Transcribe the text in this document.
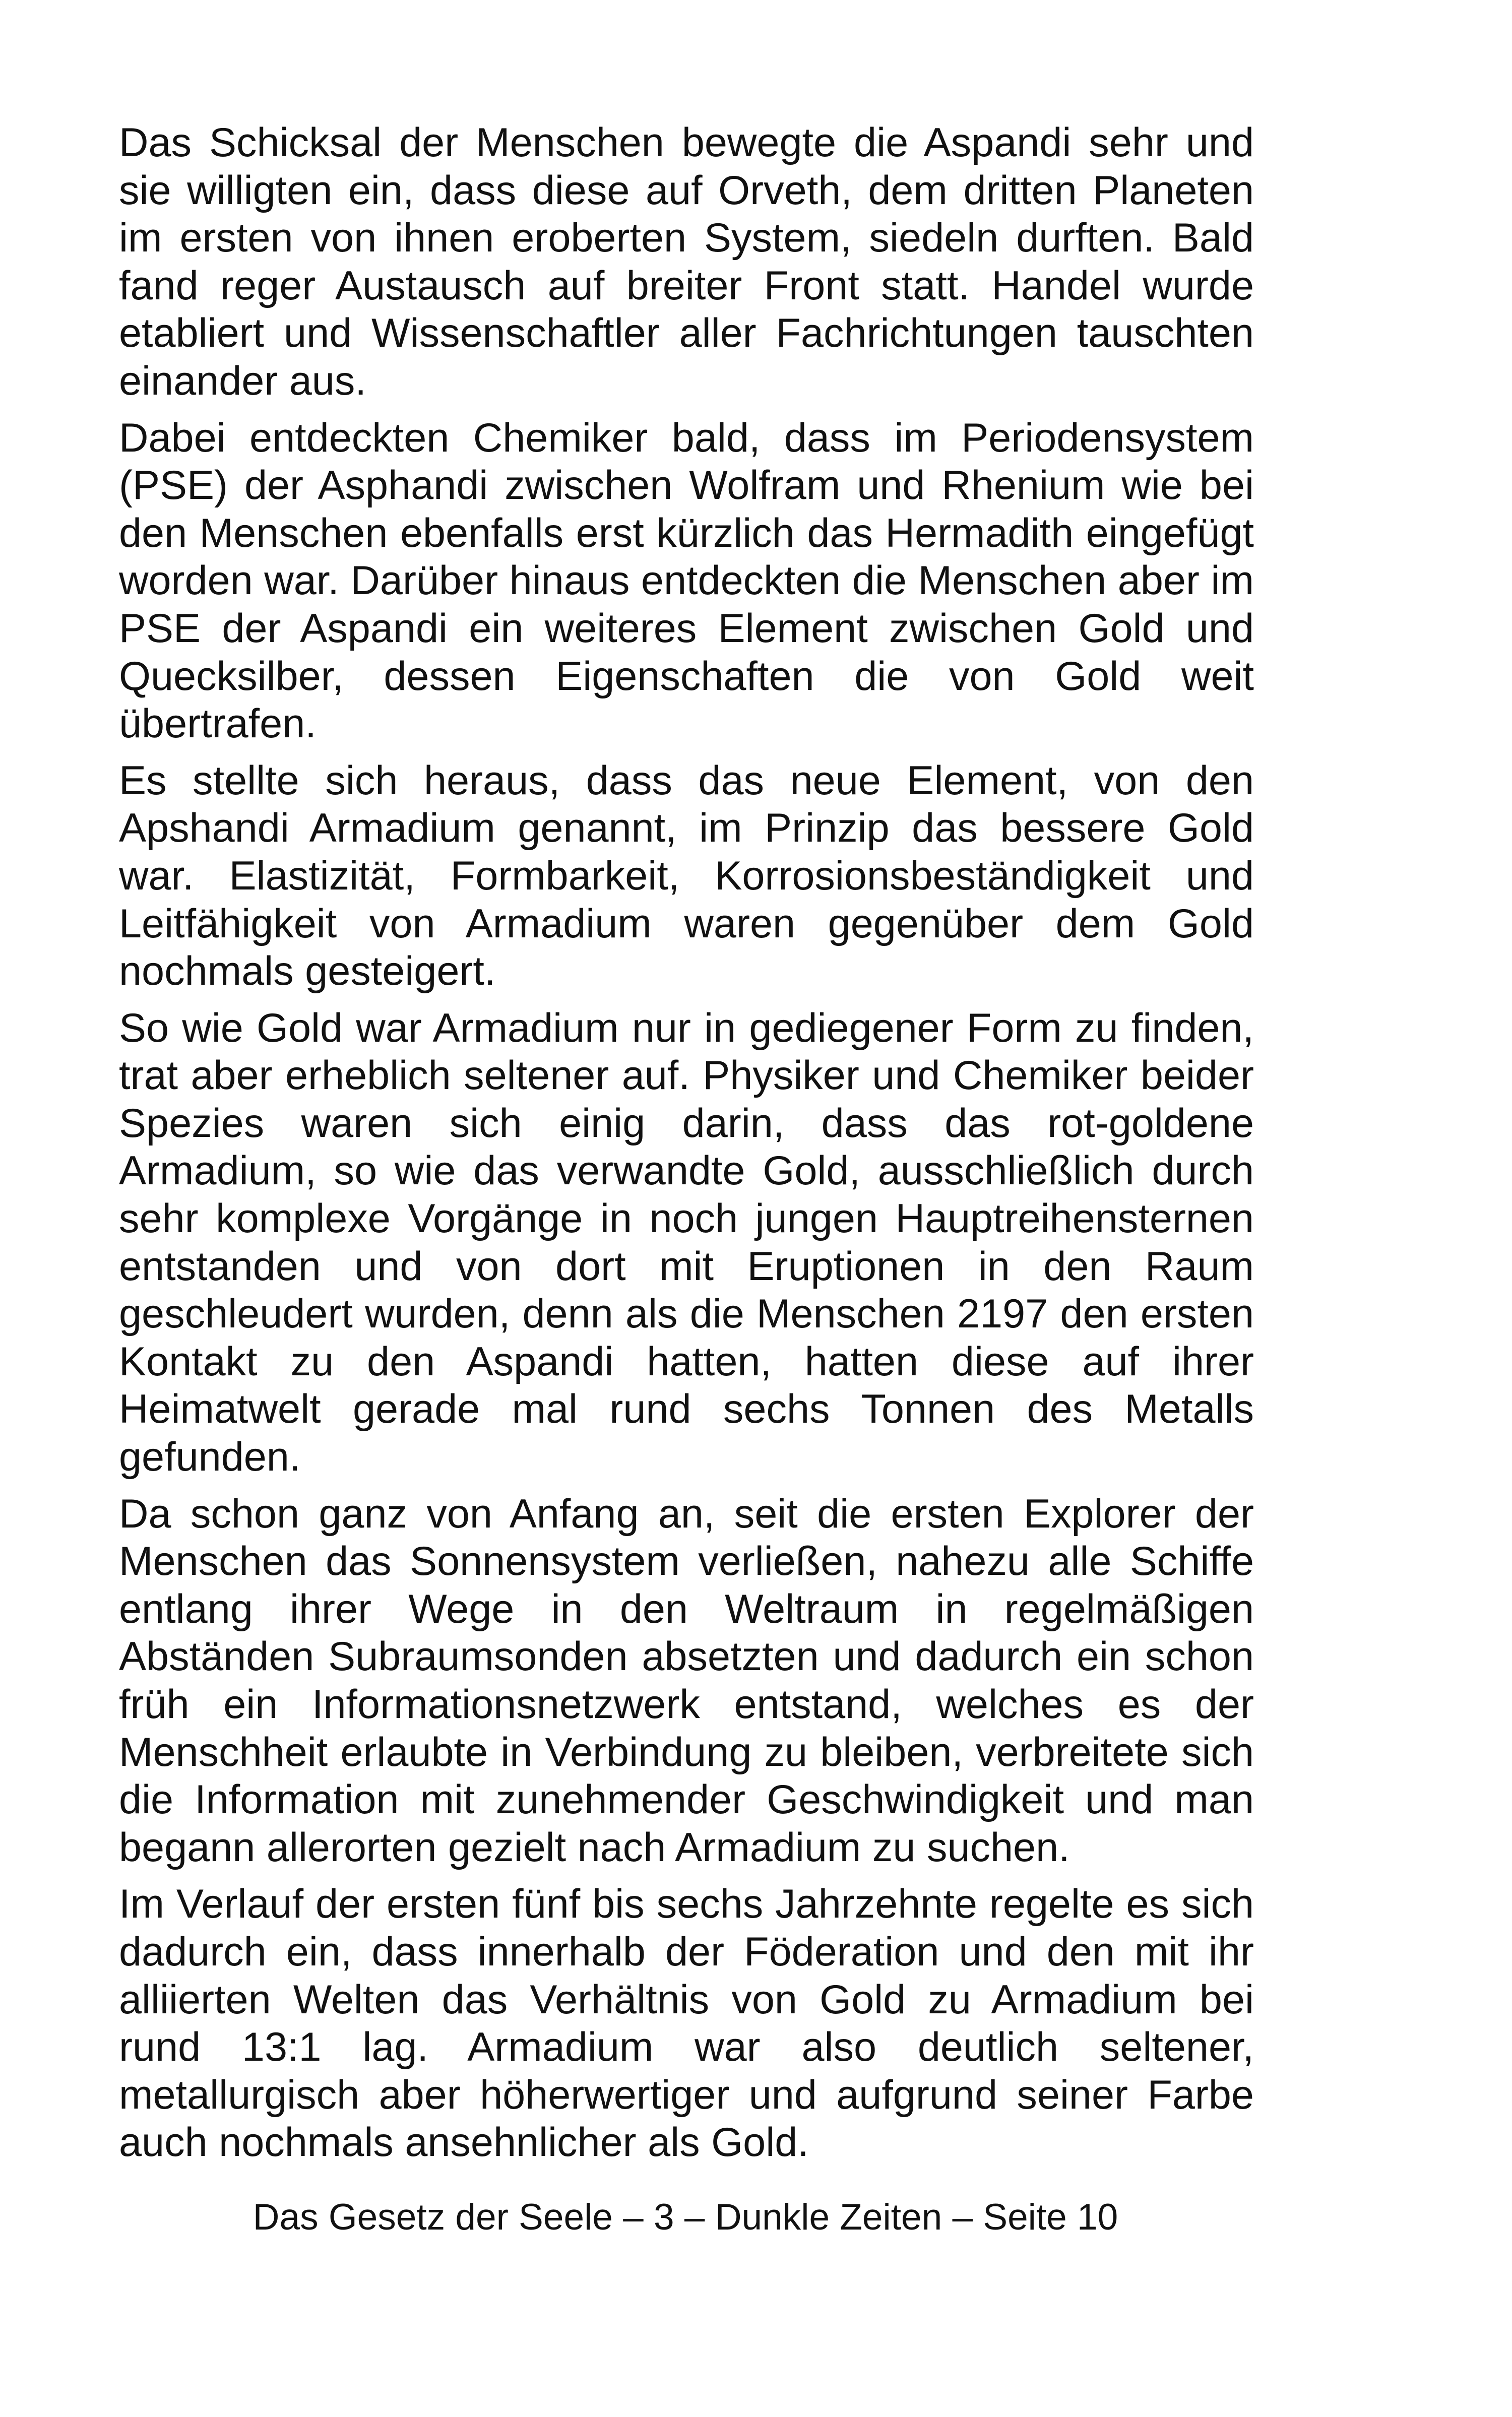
Das Schicksal der Menschen bewegte die Aspandi sehr und sie willigten ein, dass diese auf Orveth, dem dritten Planeten im ersten von ihnen eroberten System, siedeln durften. Bald fand reger Austausch auf breiter Front statt. Handel wurde etabliert und Wissenschaftler aller Fachrichtungen tauschten einander aus.

Dabei entdeckten Chemiker bald, dass im Periodensystem (PSE) der Asphandi zwischen Wolfram und Rhenium wie bei den Menschen ebenfalls erst kürzlich das Hermadith eingefügt worden war. Darüber hinaus entdeckten die Menschen aber im PSE der Aspandi ein weiteres Element zwischen Gold und Quecksilber, dessen Eigenschaften die von Gold weit übertrafen.

Es stellte sich heraus, dass das neue Element, von den Apshandi Armadium genannt, im Prinzip das bessere Gold war. Elastizität, Formbarkeit, Korrosionsbeständigkeit und Leitfähigkeit von Armadium waren gegenüber dem Gold nochmals gesteigert.

So wie Gold war Armadium nur in gediegener Form zu finden, trat aber erheblich seltener auf. Physiker und Chemiker beider Spezies waren sich einig darin, dass das rot-goldene Armadium, so wie das verwandte Gold, ausschließlich durch sehr komplexe Vorgänge in noch jungen Hauptreihensternen entstanden und von dort mit Eruptionen in den Raum geschleudert wurden, denn als die Menschen 2197 den ersten Kontakt zu den Aspandi hatten, hatten diese auf ihrer Heimatwelt gerade mal rund sechs Tonnen des Metalls gefunden.

Da schon ganz von Anfang an, seit die ersten Explorer der Menschen das Sonnensystem verließen, nahezu alle Schiffe entlang ihrer Wege in den Weltraum in regelmäßigen Abständen Subraumsonden absetzten und dadurch ein schon früh ein Informationsnetzwerk entstand, welches es der Menschheit erlaubte in Verbindung zu bleiben, verbreitete sich die Information mit zunehmender Geschwindigkeit und man begann allerorten gezielt nach Armadium zu suchen.

Im Verlauf der ersten fünf bis sechs Jahrzehnte regelte es sich dadurch ein, dass innerhalb der Föderation und den mit ihr alliierten Welten das Verhältnis von Gold zu Armadium bei rund 13:1 lag. Armadium war also deutlich seltener, metallurgisch aber höherwertiger und aufgrund seiner Farbe auch nochmals ansehnlicher als Gold.

Das Gesetz der Seele – 3 – Dunkle Zeiten – Seite 10
